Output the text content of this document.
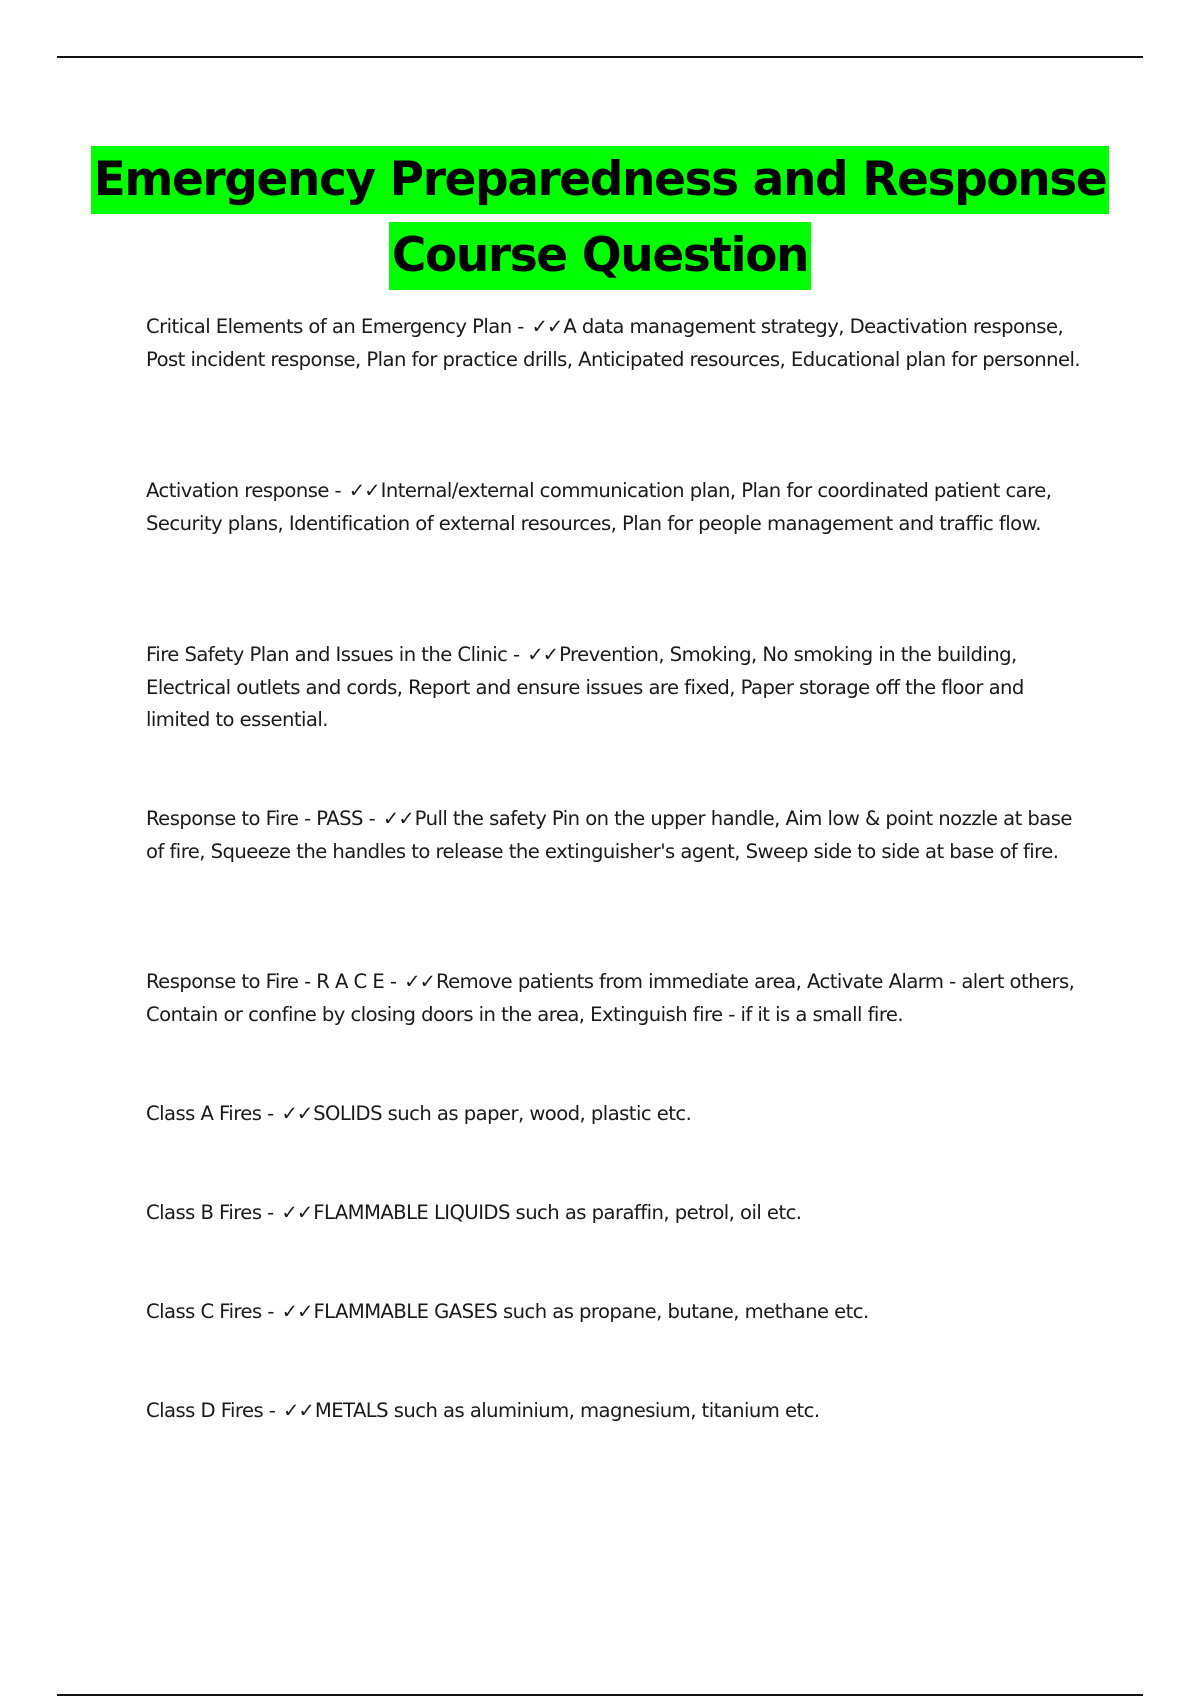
Emergency Preparedness and Response
Course Question

Critical Elements of an Emergency Plan - ✓✓A data management strategy, Deactivation response, Post incident response, Plan for practice drills, Anticipated resources, Educational plan for personnel.

Activation response - ✓✓Internal/external communication plan, Plan for coordinated patient care, Security plans, Identification of external resources, Plan for people management and traffic flow.

Fire Safety Plan and Issues in the Clinic - ✓✓Prevention, Smoking, No smoking in the building, Electrical outlets and cords, Report and ensure issues are fixed, Paper storage off the floor and limited to essential.

Response to Fire - PASS - ✓✓Pull the safety Pin on the upper handle, Aim low & point nozzle at base of fire, Squeeze the handles to release the extinguisher's agent, Sweep side to side at base of fire.

Response to Fire - R A C E - ✓✓Remove patients from immediate area, Activate Alarm - alert others, Contain or confine by closing doors in the area, Extinguish fire - if it is a small fire.

Class A Fires - ✓✓SOLIDS such as paper, wood, plastic etc.

Class B Fires - ✓✓FLAMMABLE LIQUIDS such as paraffin, petrol, oil etc.

Class C Fires - ✓✓FLAMMABLE GASES such as propane, butane, methane etc.

Class D Fires - ✓✓METALS such as aluminium, magnesium, titanium etc.
